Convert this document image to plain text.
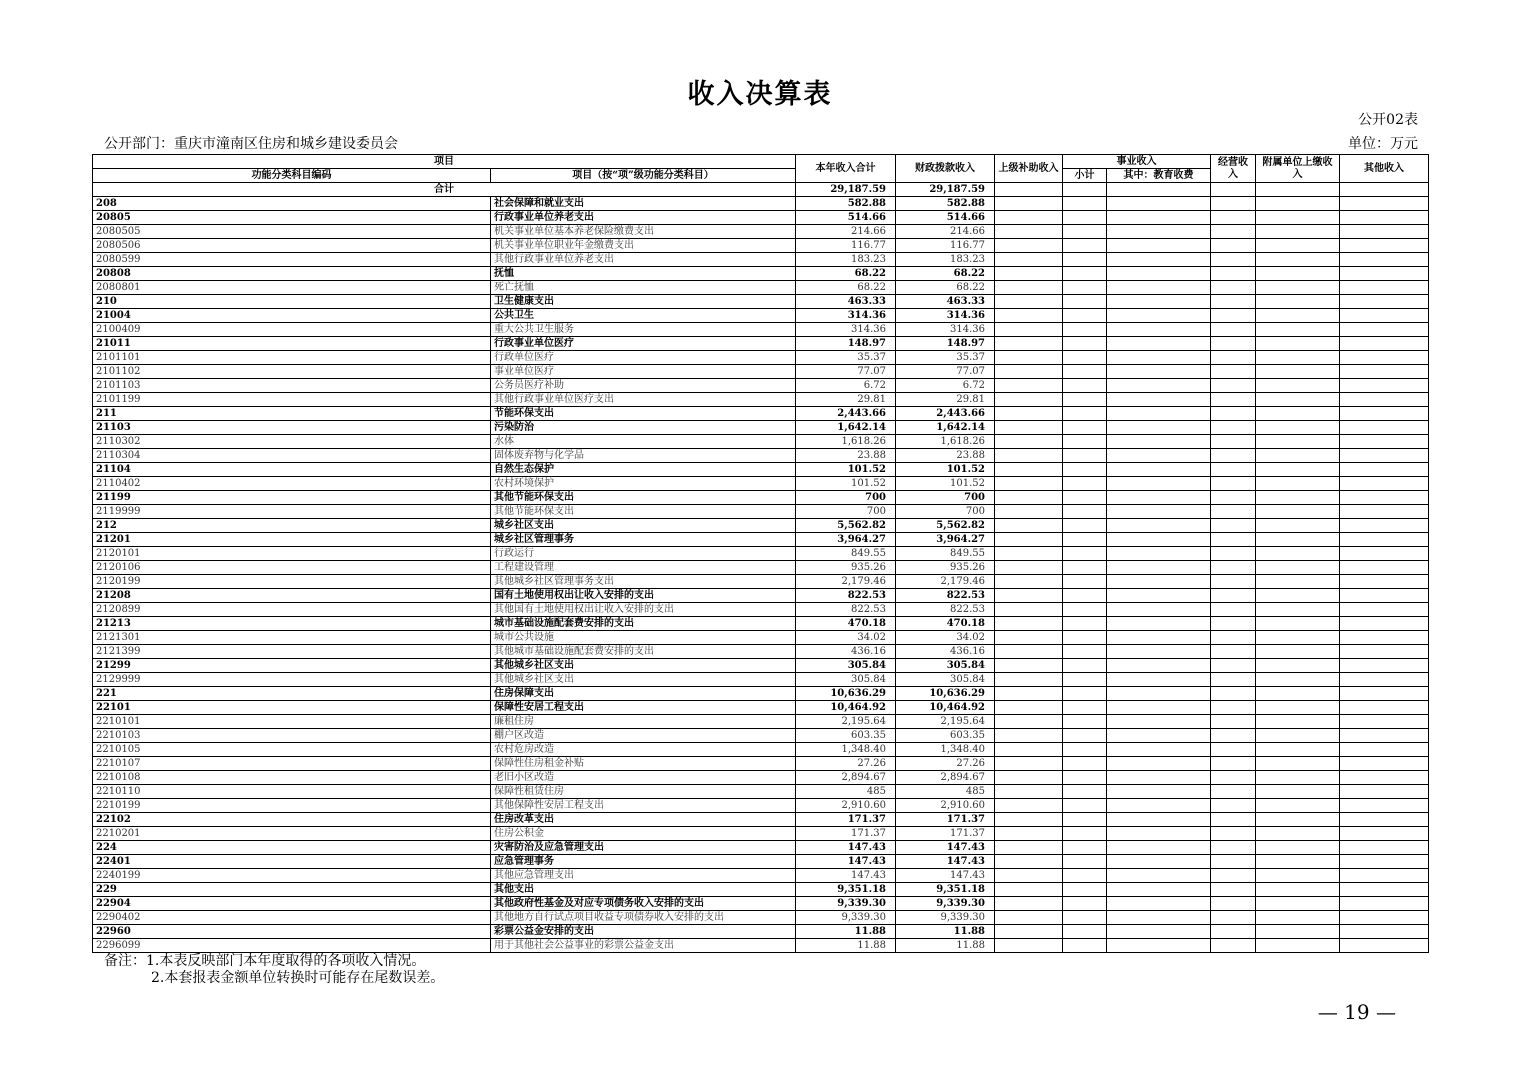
收入决算表
公开02表
公开部门：重庆市潼南区住房和城乡建设委员会	单位：万元
项目		本年收入合计	财政拨款收入	上级补助收入	事业收入		经营收入	附属单位上缴收入	其他收入
功能分类科目编码	项目（按“项”级功能分类科目）				小计	其中：教育收费			
合计		29,187.59	29,187.59						
208	社会保障和就业支出	582.88	582.88						
20805	行政事业单位养老支出	514.66	514.66						
2080505	机关事业单位基本养老保险缴费支出	214.66	214.66						
2080506	机关事业单位职业年金缴费支出	116.77	116.77						
2080599	其他行政事业单位养老支出	183.23	183.23						
20808	抚恤	68.22	68.22						
2080801	死亡抚恤	68.22	68.22						
210	卫生健康支出	463.33	463.33						
21004	公共卫生	314.36	314.36						
2100409	重大公共卫生服务	314.36	314.36						
21011	行政事业单位医疗	148.97	148.97						
2101101	行政单位医疗	35.37	35.37						
2101102	事业单位医疗	77.07	77.07						
2101103	公务员医疗补助	6.72	6.72						
2101199	其他行政事业单位医疗支出	29.81	29.81						
211	节能环保支出	2,443.66	2,443.66						
21103	污染防治	1,642.14	1,642.14						
2110302	水体	1,618.26	1,618.26						
2110304	固体废弃物与化学品	23.88	23.88						
21104	自然生态保护	101.52	101.52						
2110402	农村环境保护	101.52	101.52						
21199	其他节能环保支出	700	700						
2119999	其他节能环保支出	700	700						
212	城乡社区支出	5,562.82	5,562.82						
21201	城乡社区管理事务	3,964.27	3,964.27						
2120101	行政运行	849.55	849.55						
2120106	工程建设管理	935.26	935.26						
2120199	其他城乡社区管理事务支出	2,179.46	2,179.46						
21208	国有土地使用权出让收入安排的支出	822.53	822.53						
2120899	其他国有土地使用权出让收入安排的支出	822.53	822.53						
21213	城市基础设施配套费安排的支出	470.18	470.18						
2121301	城市公共设施	34.02	34.02						
2121399	其他城市基础设施配套费安排的支出	436.16	436.16						
21299	其他城乡社区支出	305.84	305.84						
2129999	其他城乡社区支出	305.84	305.84						
221	住房保障支出	10,636.29	10,636.29						
22101	保障性安居工程支出	10,464.92	10,464.92						
2210101	廉租住房	2,195.64	2,195.64						
2210103	棚户区改造	603.35	603.35						
2210105	农村危房改造	1,348.40	1,348.40						
2210107	保障性住房租金补贴	27.26	27.26						
2210108	老旧小区改造	2,894.67	2,894.67						
2210110	保障性租赁住房	485	485						
2210199	其他保障性安居工程支出	2,910.60	2,910.60						
22102	住房改革支出	171.37	171.37						
2210201	住房公积金	171.37	171.37						
224	灾害防治及应急管理支出	147.43	147.43						
22401	应急管理事务	147.43	147.43						
2240199	其他应急管理支出	147.43	147.43						
229	其他支出	9,351.18	9,351.18						
22904	其他政府性基金及对应专项债务收入安排的支出	9,339.30	9,339.30						
2290402	其他地方自行试点项目收益专项债券收入安排的支出	9,339.30	9,339.30						
22960	彩票公益金安排的支出	11.88	11.88						
2296099	用于其他社会公益事业的彩票公益金支出	11.88	11.88						
备注：1.本表反映部门本年度取得的各项收入情况。
2.本套报表金额单位转换时可能存在尾数误差。
— 19 —
